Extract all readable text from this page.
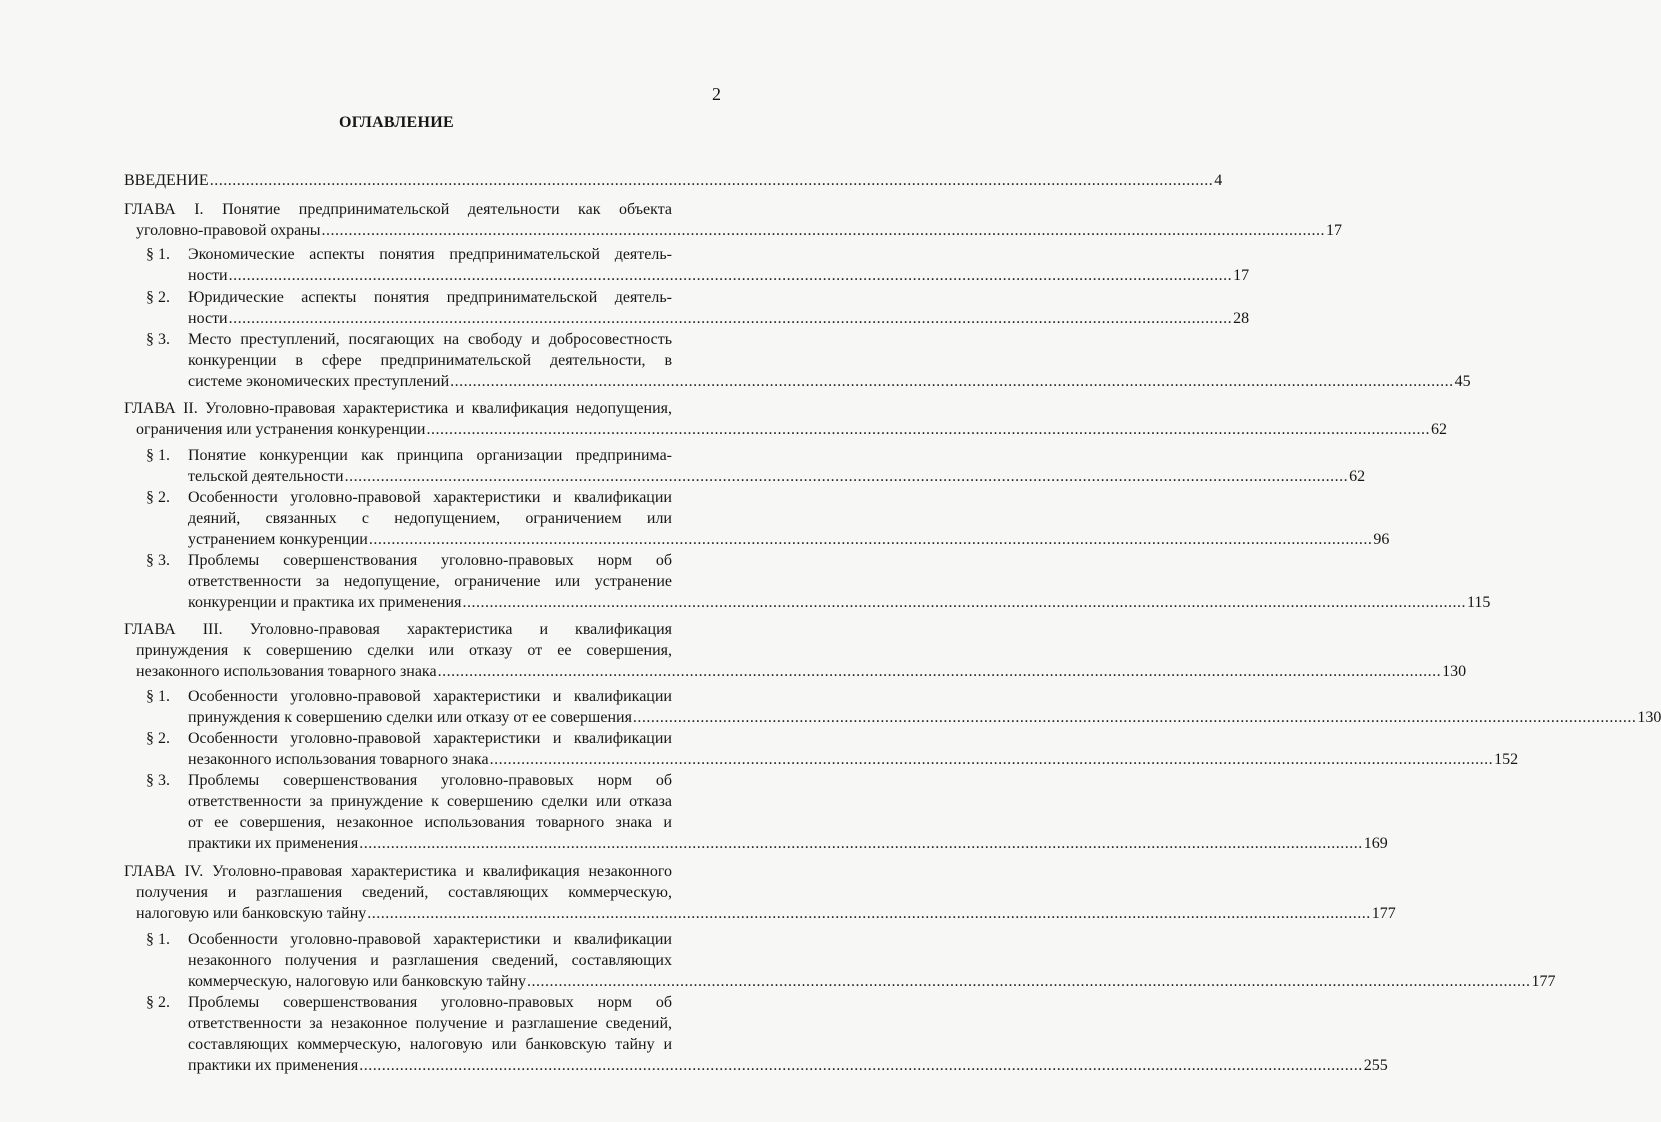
2
ОГЛАВЛЕНИЕ
ВВЕДЕНИЕ ............................................................................................................................................................................................................................... 4
ГЛАВА I. Понятие предпринимательской деятельности как объекта
уголовно-правовой охраны ............................................................................................................................................................................................................................... 17
§ 1. Экономические аспекты понятия предпринимательской деятель-
ности ............................................................................................................................................................................................................................... 17
§ 2. Юридические аспекты понятия предпринимательской деятель-
ности ............................................................................................................................................................................................................................... 28
§ 3. Место преступлений, посягающих на свободу и добросовестность
конкуренции в сфере предпринимательской деятельности, в
системе экономических преступлений ............................................................................................................................................................................................................................... 45
ГЛАВА II. Уголовно-правовая характеристика и квалификация недопущения,
ограничения или устранения конкуренции ............................................................................................................................................................................................................................... 62
§ 1. Понятие конкуренции как принципа организации предпринима-
тельской деятельности ............................................................................................................................................................................................................................... 62
§ 2. Особенности уголовно-правовой характеристики и квалификации
деяний, связанных с недопущением, ограничением или
устранением конкуренции ............................................................................................................................................................................................................................... 96
§ 3. Проблемы совершенствования уголовно-правовых норм об
ответственности за недопущение, ограничение или устранение
конкуренции и практика их применения ............................................................................................................................................................................................................................... 115
ГЛАВА III. Уголовно-правовая характеристика и квалификация
принуждения к совершению сделки или отказу от ее совершения,
незаконного использования товарного знака ............................................................................................................................................................................................................................... 130
§ 1. Особенности уголовно-правовой характеристики и квалификации
принуждения к совершению сделки или отказу от ее совершения ............................................................................................................................................................................................................................... 130
§ 2. Особенности уголовно-правовой характеристики и квалификации
незаконного использования товарного знака ............................................................................................................................................................................................................................... 152
§ 3. Проблемы совершенствования уголовно-правовых норм об
ответственности за принуждение к совершению сделки или отказа
от ее совершения, незаконное использования товарного знака и
практики их применения ............................................................................................................................................................................................................................... 169
ГЛАВА IV. Уголовно-правовая характеристика и квалификация незаконного
получения и разглашения сведений, составляющих коммерческую,
налоговую или банковскую тайну ............................................................................................................................................................................................................................... 177
§ 1. Особенности уголовно-правовой характеристики и квалификации
незаконного получения и разглашения сведений, составляющих
коммерческую, налоговую или банковскую тайну ............................................................................................................................................................................................................................... 177
§ 2. Проблемы совершенствования уголовно-правовых норм об
ответственности за незаконное получение и разглашение сведений,
составляющих коммерческую, налоговую или банковскую тайну и
практики их применения ............................................................................................................................................................................................................................... 255
